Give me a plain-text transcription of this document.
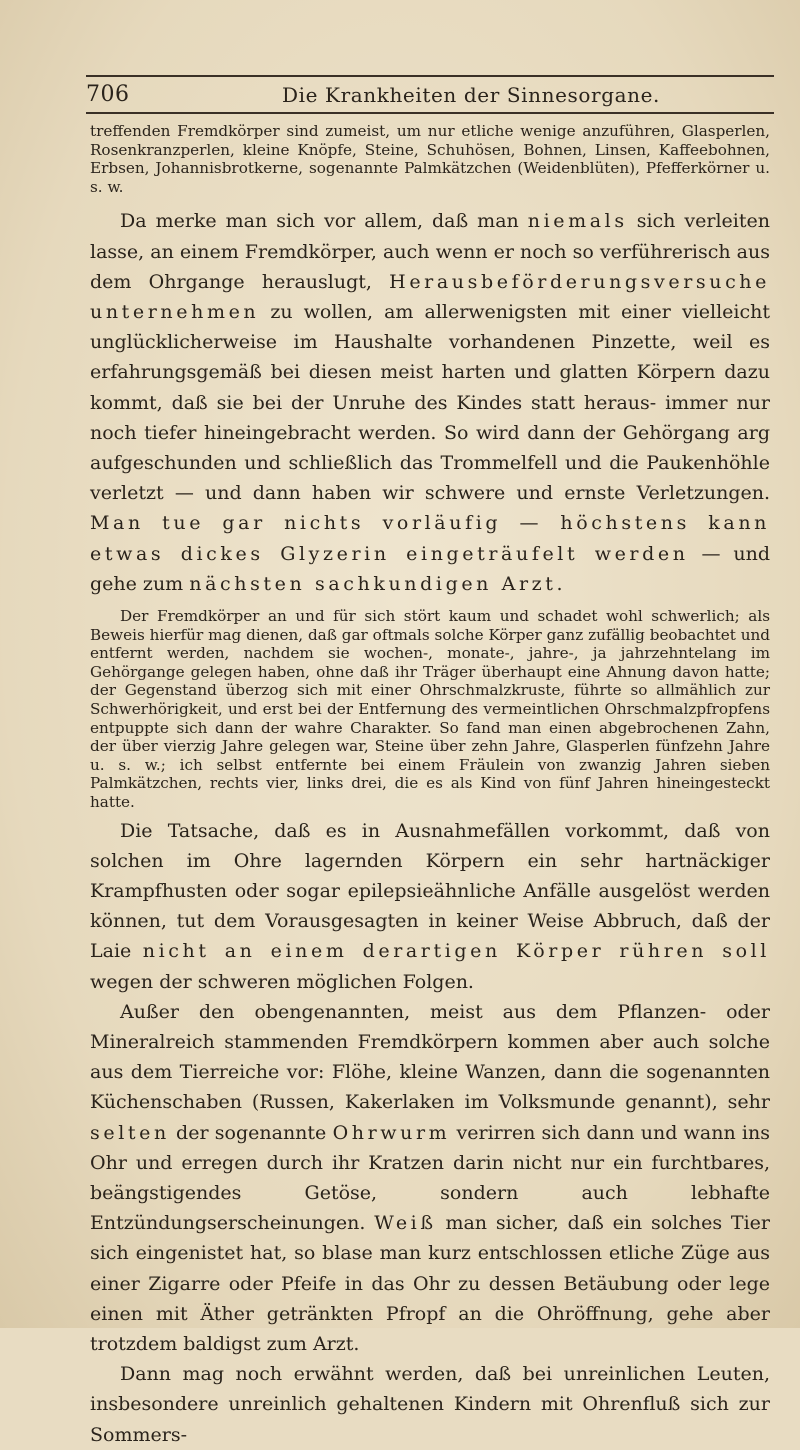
706	Die Krankheiten der Sinnesorgane.

treffenden Fremdkörper sind zumeist, um nur etliche wenige anzuführen, Glasperlen, Rosenkranzperlen, kleine Knöpfe, Steine, Schuhösen, Bohnen, Linsen, Kaffeebohnen, Erbsen, Johannisbrotkerne, sogenannte Palmkätzchen (Weidenblüten), Pfefferkörner u. s. w.

Da merke man sich vor allem, daß man niemals sich verleiten lasse, an einem Fremdkörper, auch wenn er noch so verführerisch aus dem Ohrgange herauslugt, Herausbeförderungsversuche unternehmen zu wollen, am allerwenigsten mit einer vielleicht unglücklicherweise im Haushalte vorhandenen Pinzette, weil es erfahrungsgemäß bei diesen meist harten und glatten Körpern dazu kommt, daß sie bei der Unruhe des Kindes statt heraus- immer nur noch tiefer hineingebracht werden. So wird dann der Gehörgang arg aufgeschunden und schließlich das Trommelfell und die Paukenhöhle verletzt — und dann haben wir schwere und ernste Verletzungen. Man tue gar nichts vorläufig — höchstens kann etwas dickes Glyzerin eingeträufelt werden — und gehe zum nächsten sachkundigen Arzt.

Der Fremdkörper an und für sich stört kaum und schadet wohl schwerlich; als Beweis hierfür mag dienen, daß gar oftmals solche Körper ganz zufällig beobachtet und entfernt werden, nachdem sie wochen-, monate-, jahre-, ja jahrzehntelang im Gehörgange gelegen haben, ohne daß ihr Träger überhaupt eine Ahnung davon hatte; der Gegenstand überzog sich mit einer Ohrschmalzkruste, führte so allmählich zur Schwerhörigkeit, und erst bei der Entfernung des vermeintlichen Ohrschmalzpfropfens entpuppte sich dann der wahre Charakter. So fand man einen abgebrochenen Zahn, der über vierzig Jahre gelegen war, Steine über zehn Jahre, Glasperlen fünfzehn Jahre u. s. w.; ich selbst entfernte bei einem Fräulein von zwanzig Jahren sieben Palmkätzchen, rechts vier, links drei, die es als Kind von fünf Jahren hineingesteckt hatte.

Die Tatsache, daß es in Ausnahmefällen vorkommt, daß von solchen im Ohre lagernden Körpern ein sehr hartnäckiger Krampfhusten oder sogar epilepsieähnliche Anfälle ausgelöst werden können, tut dem Vorausgesagten in keiner Weise Abbruch, daß der Laie nicht an einem derartigen Körper rühren soll wegen der schweren möglichen Folgen.

Außer den obengenannten, meist aus dem Pflanzen- oder Mineralreich stammenden Fremdkörpern kommen aber auch solche aus dem Tierreiche vor: Flöhe, kleine Wanzen, dann die sogenannten Küchenschaben (Russen, Kakerlaken im Volksmunde genannt), sehr selten der sogenannte Ohrwurm verirren sich dann und wann ins Ohr und erregen durch ihr Kratzen darin nicht nur ein furchtbares, beängstigendes Getöse, sondern auch lebhafte Entzündungserscheinungen. Weiß man sicher, daß ein solches Tier sich eingenistet hat, so blase man kurz entschlossen etliche Züge aus einer Zigarre oder Pfeife in das Ohr zu dessen Betäubung oder lege einen mit Äther getränkten Pfropf an die Ohröffnung, gehe aber trotzdem baldigst zum Arzt.

Dann mag noch erwähnt werden, daß bei unreinlichen Leuten, insbesondere unreinlich gehaltenen Kindern mit Ohrenfluß sich zur Sommers-
